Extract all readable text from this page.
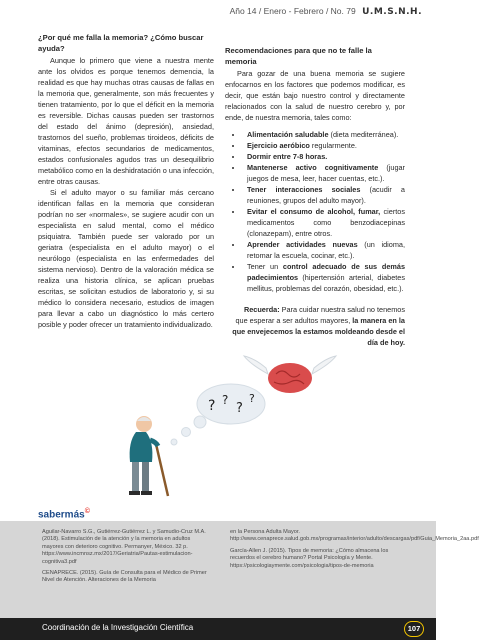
Año 14 / Enero - Febrero / No. 79 U.M.S.N.H.

¿Por qué me falla la memoria? ¿Cómo buscar ayuda?

Aunque lo primero que viene a nuestra mente ante los olvidos es porque tenemos demencia, la realidad es que hay muchas otras causas de fallas en la memoria que, generalmente, son más frecuentes y tienen tratamiento, por lo que el déficit en la memoria es reversible. Dichas causas pueden ser trastornos del estado del ánimo (depresión), ansiedad, trastornos del sueño, problemas tiroideos, déficits de vitaminas, efectos secundarios de medicamentos, estados confusionales agudos tras un desequilibrio metabólico como en la deshidratación o una infección, entre otras causas.

Si el adulto mayor o su familiar más cercano identifican fallas en la memoria que consideran podrían no ser «normales», se sugiere acudir con un especialista en salud mental, como el médico psiquiatra. También puede ser valorado por un geriatra (especialista en el adulto mayor) o el neurólogo (especialista en las enfermedades del sistema nervioso). Dentro de la valoración médica se realiza una historia clínica, se aplican pruebas escritas, se solicitan estudios de laboratorio y, si su médico lo considera necesario, estudios de imagen para llevar a cabo un diagnóstico lo más certero posible y poder ofrecer un tratamiento individualizado.

Recomendaciones para que no te falle la memoria

Para gozar de una buena memoria se sugiere enfocarnos en los factores que podemos modificar, es decir, que están bajo nuestro control y directamente relacionados con la salud de nuestro cerebro y, por ende, de nuestra memoria, tales como:

• Alimentación saludable (dieta mediterránea).
• Ejercicio aeróbico regularmente.
• Dormir entre 7-8 horas.
• Mantenerse activo cognitivamente (jugar juegos de mesa, leer, hacer cuentas, etc.).
• Tener interacciones sociales (acudir a reuniones, grupos del adulto mayor).
• Evitar el consumo de alcohol, fumar, ciertos medicamentos como benzodiacepinas (clonazepam), entre otros.
• Aprender actividades nuevas (un idioma, retomar la escuela, cocinar, etc.).
• Tener un control adecuado de sus demás padecimientos (hipertensión arterial, diabetes mellitus, problemas del corazón, obesidad, etc.).

Recuerda: Para cuidar nuestra salud no tenemos que esperar a ser adultos mayores, la manera en la que envejecemos la estamos moldeando desde el día de hoy.

? ?
?
?
sabermás©

Aguilar-Navarro S.G., Gutiérrez-Gutiérrez L. y Samudio-Cruz M.A. (2018). Estimulación de la atención y la memoria en adultos mayores con deterioro cognitivo. Permanyer, México. 32 p. https://www.incmnsz.mx/2017/Geriatria/Pautas-estimulacion-cognitiva3.pdf

CENAPRECE. (2015). Guía de Consulta para el Médico de Primer Nivel de Atención. Alteraciones de la Memoria

en la Persona Adulta Mayor. http://www.cenaprece.salud.gob.mx/programas/interior/adulto/descargas/pdf/Guia_Memoria_2aa.pdf

García-Allen J. (2015). Tipos de memoria: ¿Cómo almacena los recuerdos el cerebro humano? Portal Psicología y Mente. https://psicologiaymente.com/psicologia/tipos-de-memoria

Coordinación de la Investigación Científica	107
